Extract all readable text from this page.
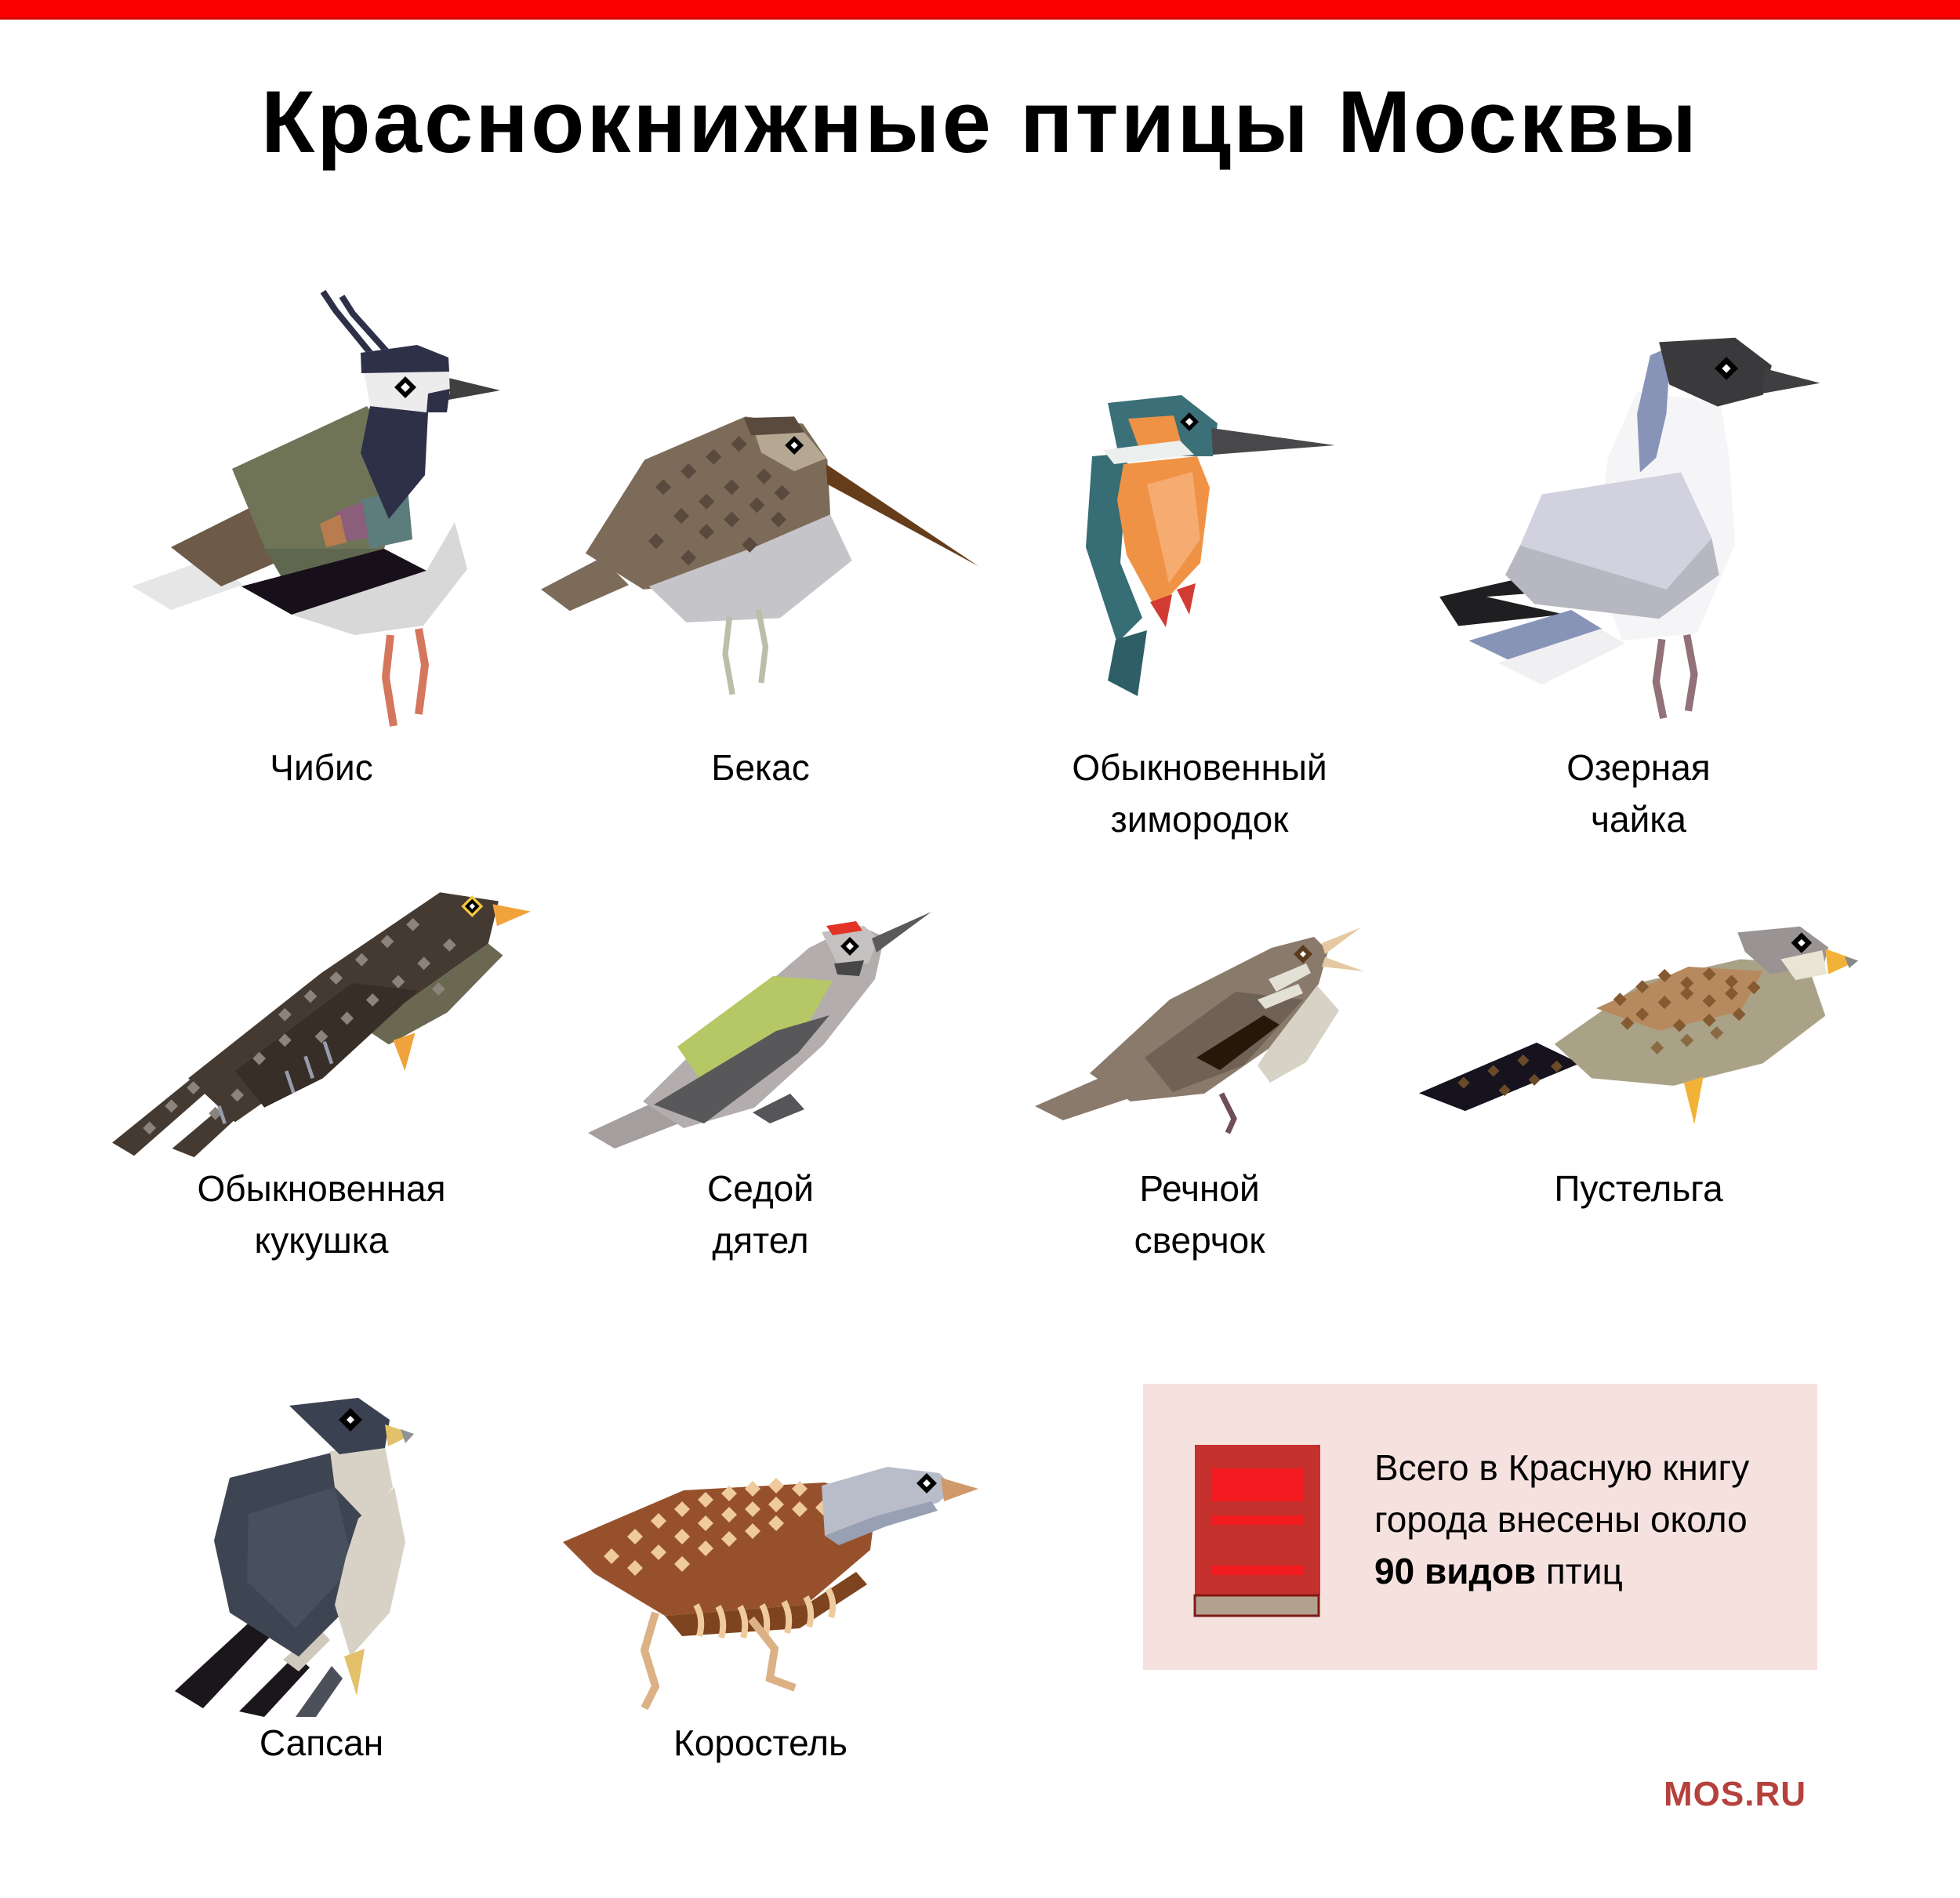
Краснокнижные птицы Москвы
Чибис	Бекас	Обыкновенный
зимородок
Озерная
чайка
Обыкновенная
кукушка
Седой
дятел
Речной
сверчок
Пустельга
Сапсан	Коростель
Всего в Красную книгу
города внесены около
90 видов птиц
MOS.RU
